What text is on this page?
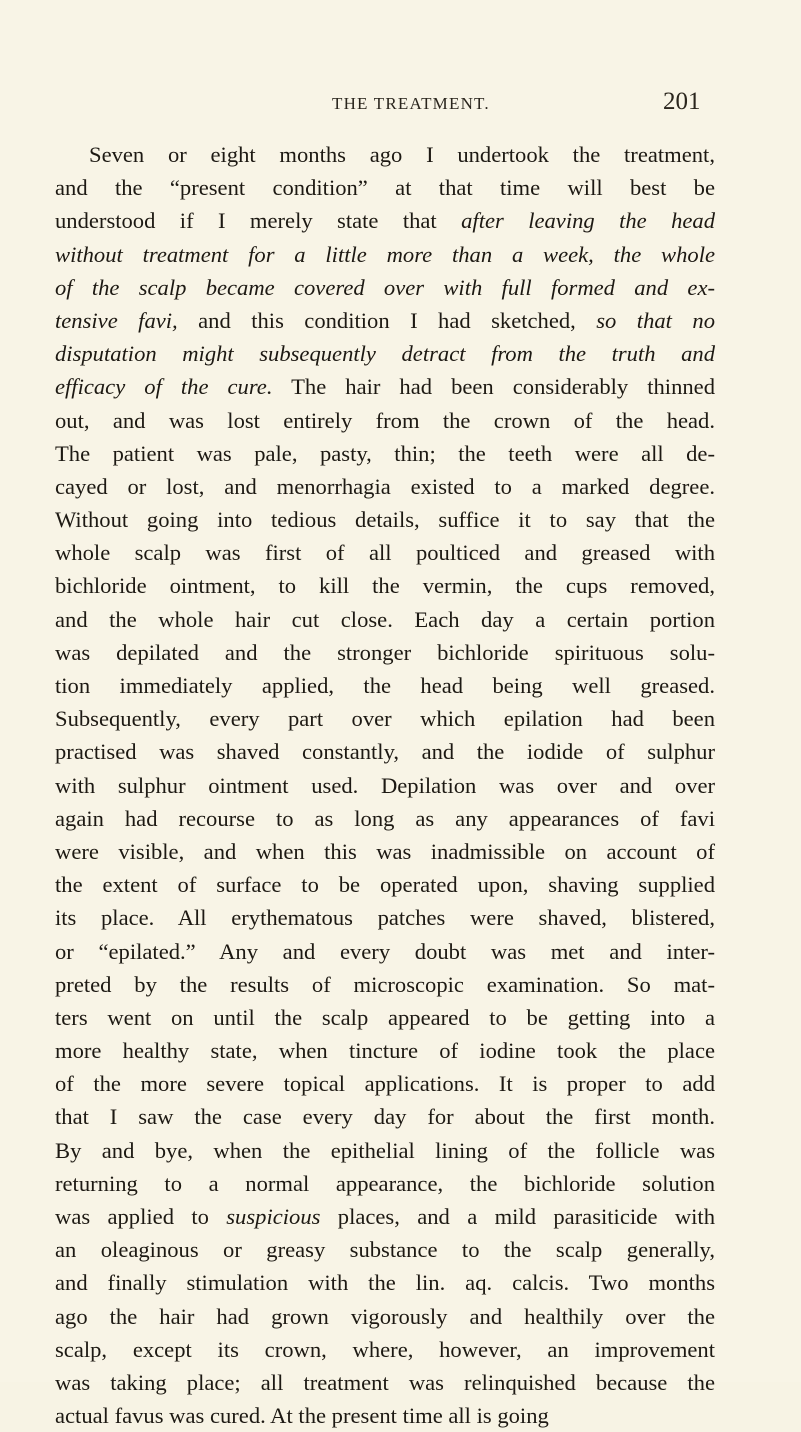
THE TREATMENT.	201
Seven or eight months ago I undertook the treatment,
and the “present condition” at that time will best be
understood if I merely state that after leaving the head
without treatment for a little more than a week, the whole
of the scalp became covered over with full formed and ex-
tensive favi, and this condition I had sketched, so that no
disputation might subsequently detract from the truth and
efficacy of the cure. The hair had been considerably thinned
out, and was lost entirely from the crown of the head.
The patient was pale, pasty, thin; the teeth were all de-
cayed or lost, and menorrhagia existed to a marked degree.
Without going into tedious details, suffice it to say that the
whole scalp was first of all poulticed and greased with
bichloride ointment, to kill the vermin, the cups removed,
and the whole hair cut close. Each day a certain portion
was depilated and the stronger bichloride spirituous solu-
tion immediately applied, the head being well greased.
Subsequently, every part over which epilation had been
practised was shaved constantly, and the iodide of sulphur
with sulphur ointment used. Depilation was over and over
again had recourse to as long as any appearances of favi
were visible, and when this was inadmissible on account of
the extent of surface to be operated upon, shaving supplied
its place. All erythematous patches were shaved, blistered,
or “epilated.” Any and every doubt was met and inter-
preted by the results of microscopic examination. So mat-
ters went on until the scalp appeared to be getting into a
more healthy state, when tincture of iodine took the place
of the more severe topical applications. It is proper to add
that I saw the case every day for about the first month.
By and bye, when the epithelial lining of the follicle was
returning to a normal appearance, the bichloride solution
was applied to suspicious places, and a mild parasiticide with
an oleaginous or greasy substance to the scalp generally,
and finally stimulation with the lin. aq. calcis. Two months
ago the hair had grown vigorously and healthily over the
scalp, except its crown, where, however, an improvement
was taking place; all treatment was relinquished because the
actual favus was cured. At the present time all is going
